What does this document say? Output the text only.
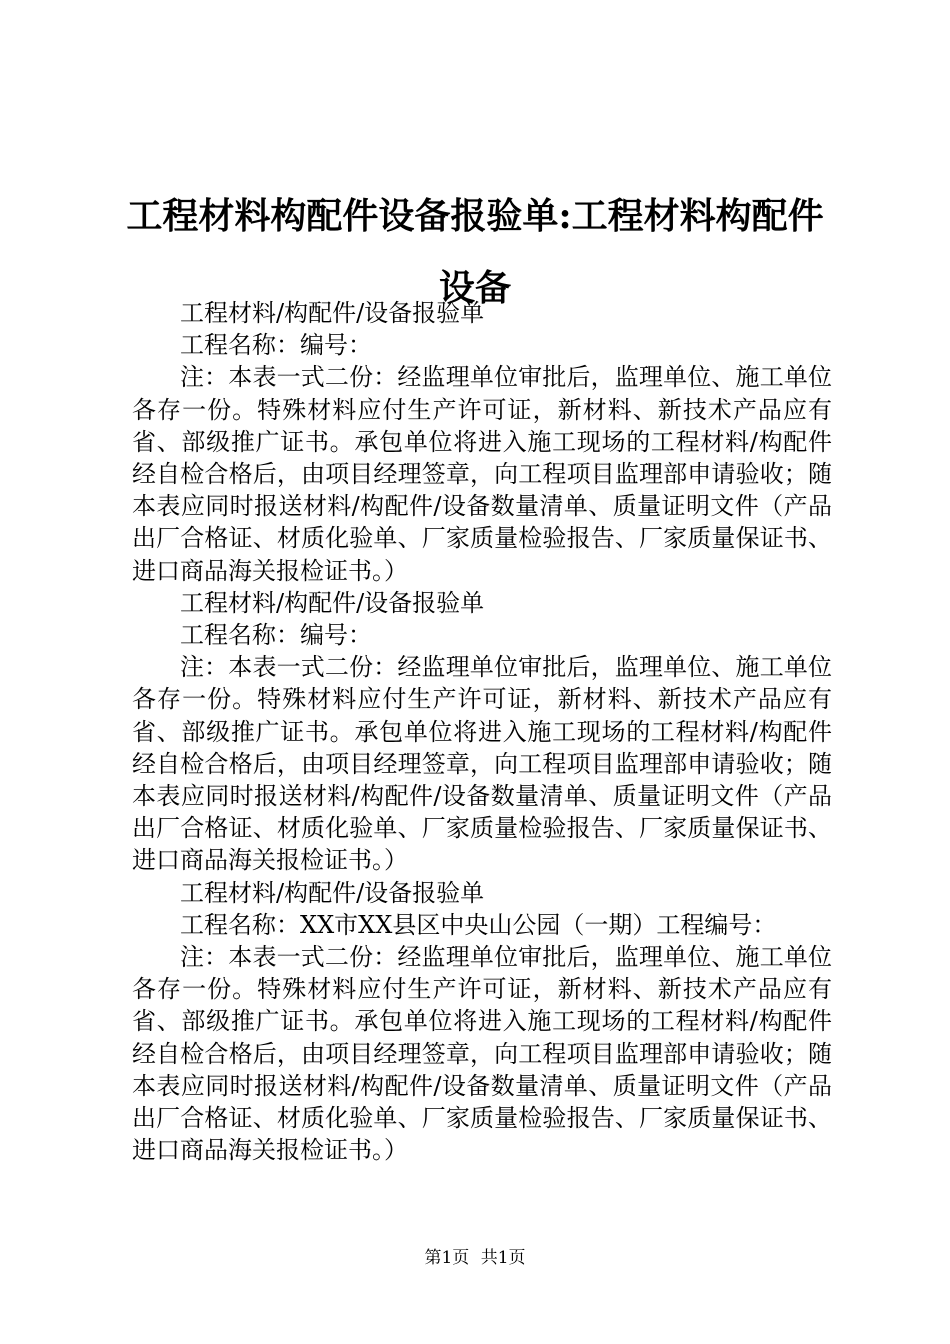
工程材料构配件设备报验单:工程材料构配件设备

工程材料/构配件/设备报验单

工程名称：编号：

注：本表一式二份：经监理单位审批后，监理单位、施工单位各存一份。特殊材料应付生产许可证，新材料、新技术产品应有省、部级推广证书。承包单位将进入施工现场的工程材料/构配件经自检合格后，由项目经理签章，向工程项目监理部申请验收；随本表应同时报送材料/构配件/设备数量清单、质量证明文件（产品出厂合格证、材质化验单、厂家质量检验报告、厂家质量保证书、进口商品海关报检证书。）

工程材料/构配件/设备报验单

工程名称：编号：

注：本表一式二份：经监理单位审批后，监理单位、施工单位各存一份。特殊材料应付生产许可证，新材料、新技术产品应有省、部级推广证书。承包单位将进入施工现场的工程材料/构配件经自检合格后，由项目经理签章，向工程项目监理部申请验收；随本表应同时报送材料/构配件/设备数量清单、质量证明文件（产品出厂合格证、材质化验单、厂家质量检验报告、厂家质量保证书、进口商品海关报检证书。）

工程材料/构配件/设备报验单

工程名称：XX市XX县区中央山公园（一期）工程编号：

注：本表一式二份：经监理单位审批后，监理单位、施工单位各存一份。特殊材料应付生产许可证，新材料、新技术产品应有省、部级推广证书。承包单位将进入施工现场的工程材料/构配件经自检合格后，由项目经理签章，向工程项目监理部申请验收；随本表应同时报送材料/构配件/设备数量清单、质量证明文件（产品出厂合格证、材质化验单、厂家质量检验报告、厂家质量保证书、进口商品海关报检证书。）

第1页 共1页
